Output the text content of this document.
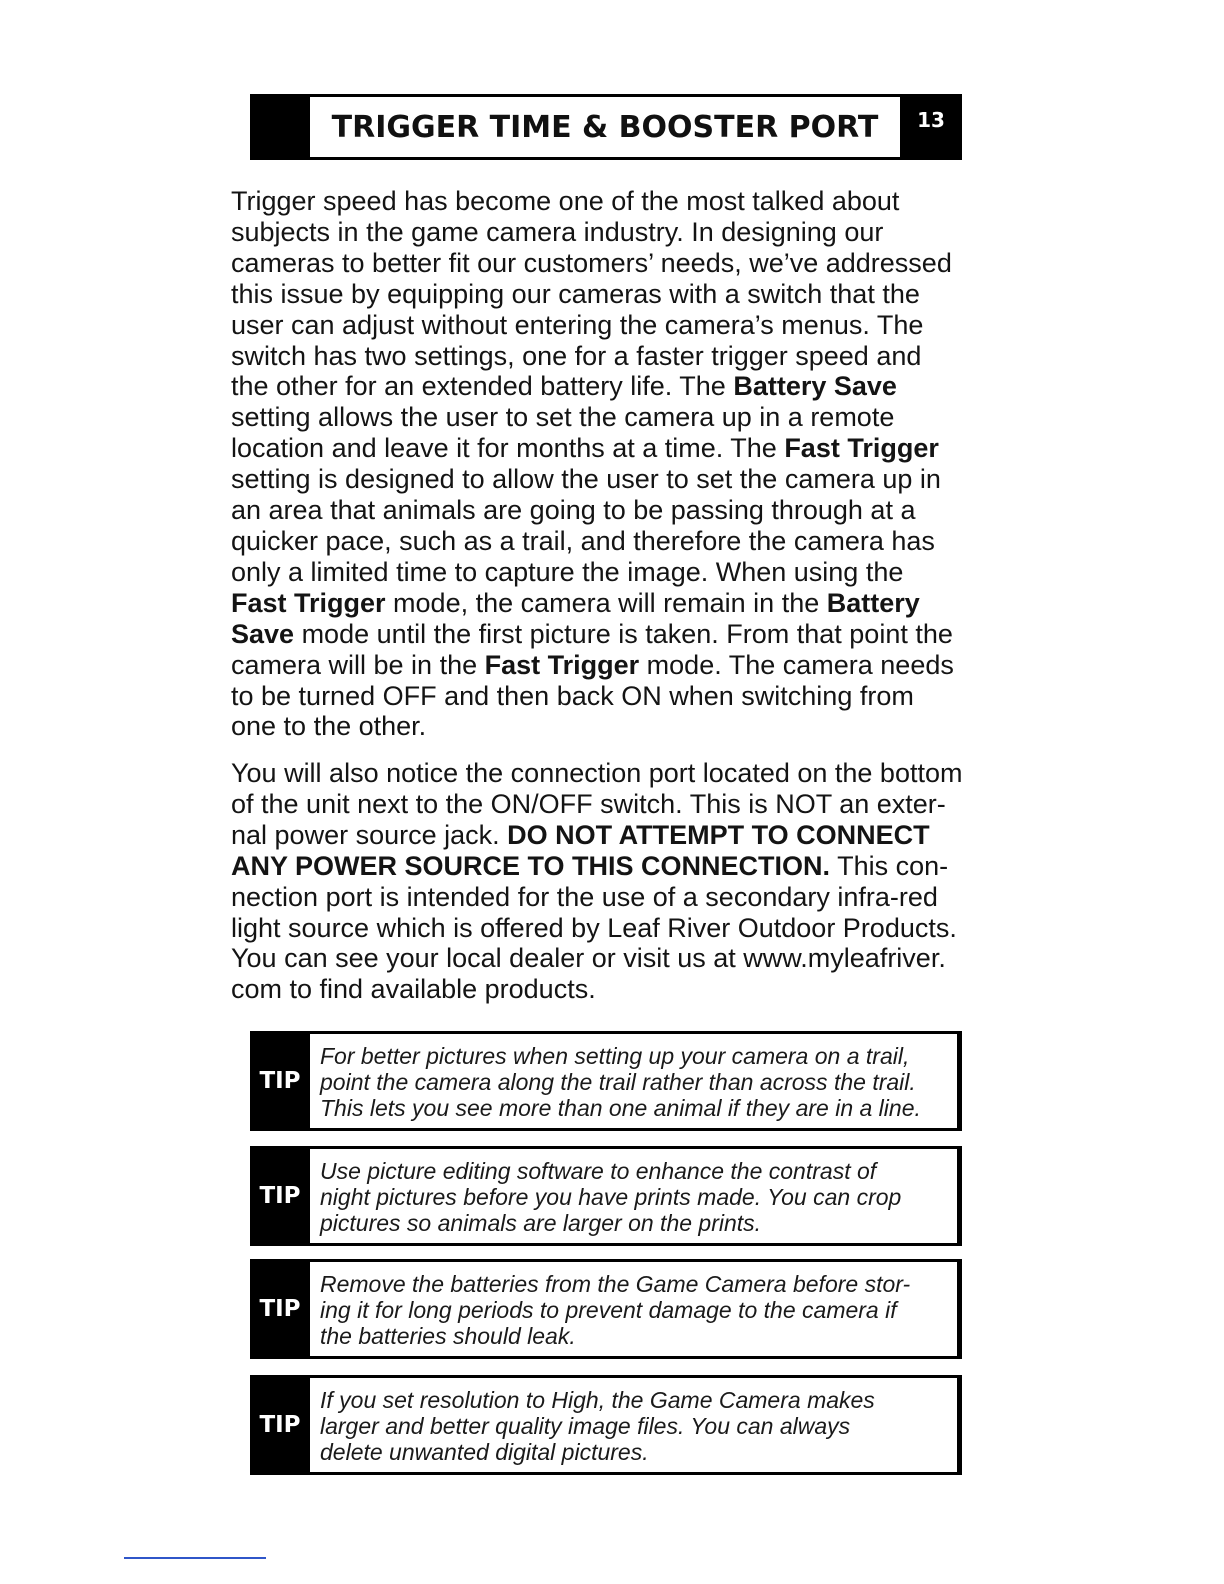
TRIGGER TIME & BOOSTER PORT	13

Trigger speed has become one of the most talked about
subjects in the game camera industry. In designing our
cameras to better fit our customers’ needs, we’ve addressed
this issue by equipping our cameras with a switch that the
user can adjust without entering the camera’s menus. The
switch has two settings, one for a faster trigger speed and
the other for an extended battery life. The Battery Save
setting allows the user to set the camera up in a remote
location and leave it for months at a time. The Fast Trigger
setting is designed to allow the user to set the camera up in
an area that animals are going to be passing through at a
quicker pace, such as a trail, and therefore the camera has
only a limited time to capture the image. When using the
Fast Trigger mode, the camera will remain in the Battery
Save mode until the first picture is taken. From that point the
camera will be in the Fast Trigger mode. The camera needs
to be turned OFF and then back ON when switching from
one to the other.

You will also notice the connection port located on the bottom
of the unit next to the ON/OFF switch. This is NOT an exter-
nal power source jack. DO NOT ATTEMPT TO CONNECT
ANY POWER SOURCE TO THIS CONNECTION. This con-
nection port is intended for the use of a secondary infra-red
light source which is offered by Leaf River Outdoor Products.
You can see your local dealer or visit us at www.myleafriver.
com to find available products.

TIP
For better pictures when setting up your camera on a trail,
point the camera along the trail rather than across the trail.
This lets you see more than one animal if they are in a line.
TIP
Use picture editing software to enhance the contrast of
night pictures before you have prints made. You can crop
pictures so animals are larger on the prints.
TIP
Remove the batteries from the Game Camera before stor-
ing it for long periods to prevent damage to the camera if
the batteries should leak.
TIP
If you set resolution to High, the Game Camera makes
larger and better quality image files. You can always
delete unwanted digital pictures.
